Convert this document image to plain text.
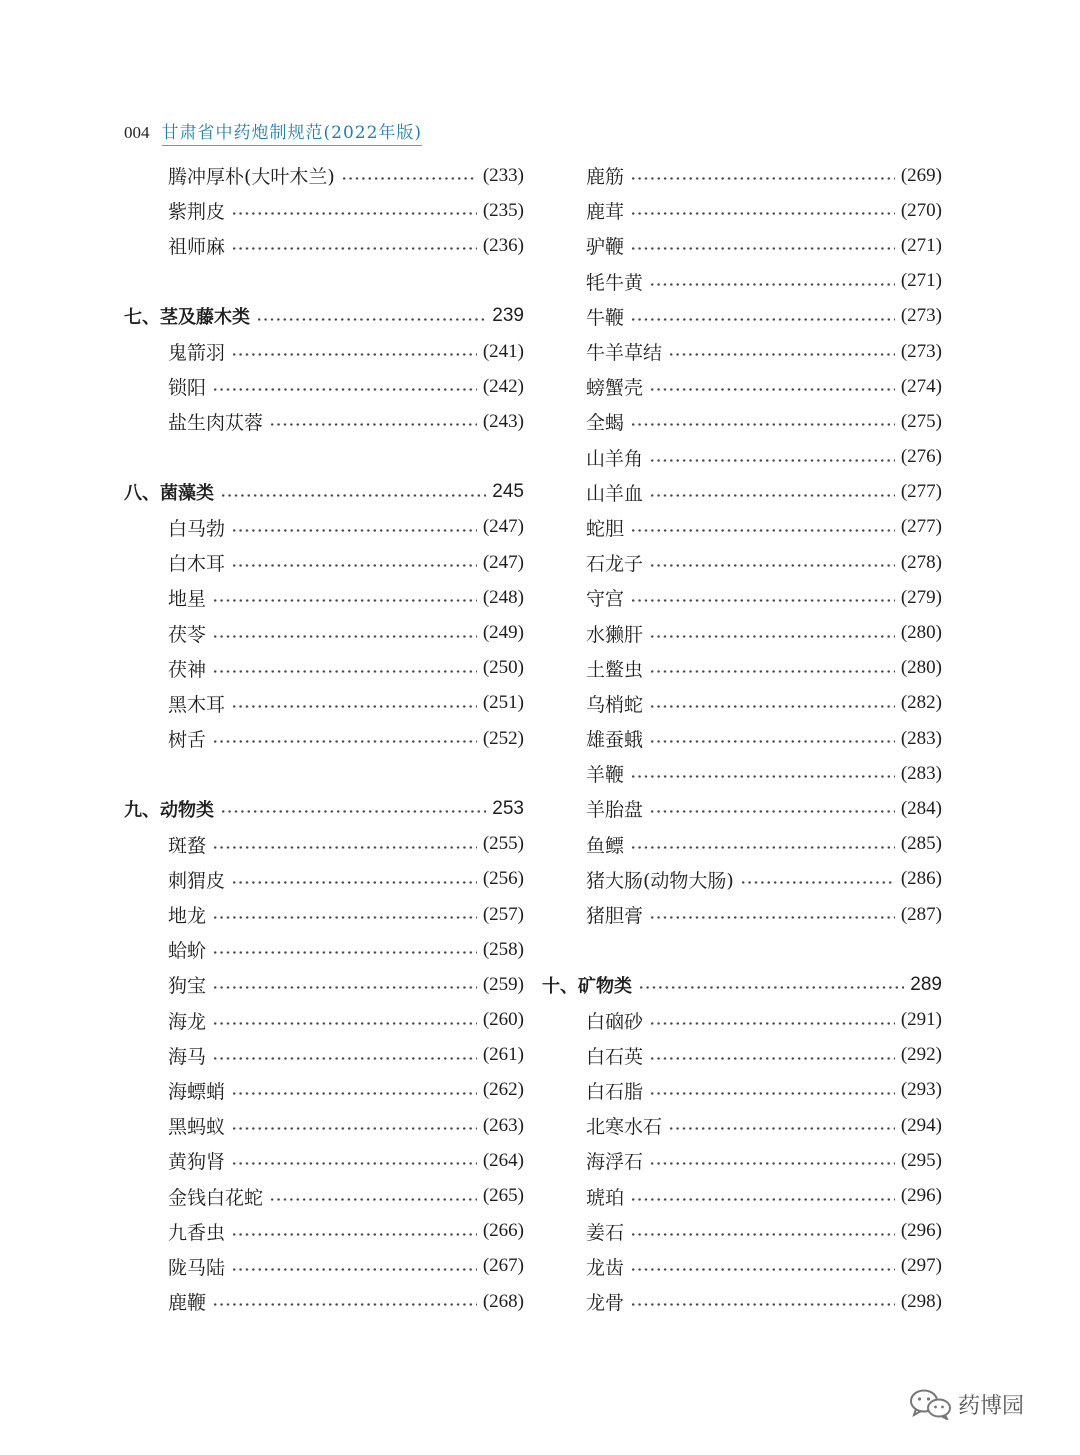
004 甘肃省中药炮制规范(2022年版)
腾冲厚朴(大叶木兰)	(233)
紫荆皮	(235)
祖师麻	(236)
七、茎及藤木类	239
鬼箭羽	(241)
锁阳	(242)
盐生肉苁蓉	(243)
八、菌藻类	245
白马勃	(247)
白木耳	(247)
地星	(248)
茯苓	(249)
茯神	(250)
黑木耳	(251)
树舌	(252)
九、动物类	253
斑蝥	(255)
刺猬皮	(256)
地龙	(257)
蛤蚧	(258)
狗宝	(259)
海龙	(260)
海马	(261)
海螵蛸	(262)
黑蚂蚁	(263)
黄狗肾	(264)
金钱白花蛇	(265)
九香虫	(266)
陇马陆	(267)
鹿鞭	(268)
鹿筋	(269)
鹿茸	(270)
驴鞭	(271)
牦牛黄	(271)
牛鞭	(273)
牛羊草结	(273)
螃蟹壳	(274)
全蝎	(275)
山羊角	(276)
山羊血	(277)
蛇胆	(277)
石龙子	(278)
守宫	(279)
水獭肝	(280)
土鳖虫	(280)
乌梢蛇	(282)
雄蚕蛾	(283)
羊鞭	(283)
羊胎盘	(284)
鱼鳔	(285)
猪大肠(动物大肠)	(286)
猪胆膏	(287)
十、矿物类	289
白硇砂	(291)
白石英	(292)
白石脂	(293)
北寒水石	(294)
海浮石	(295)
琥珀	(296)
姜石	(296)
龙齿	(297)
龙骨	(298)
药博园
